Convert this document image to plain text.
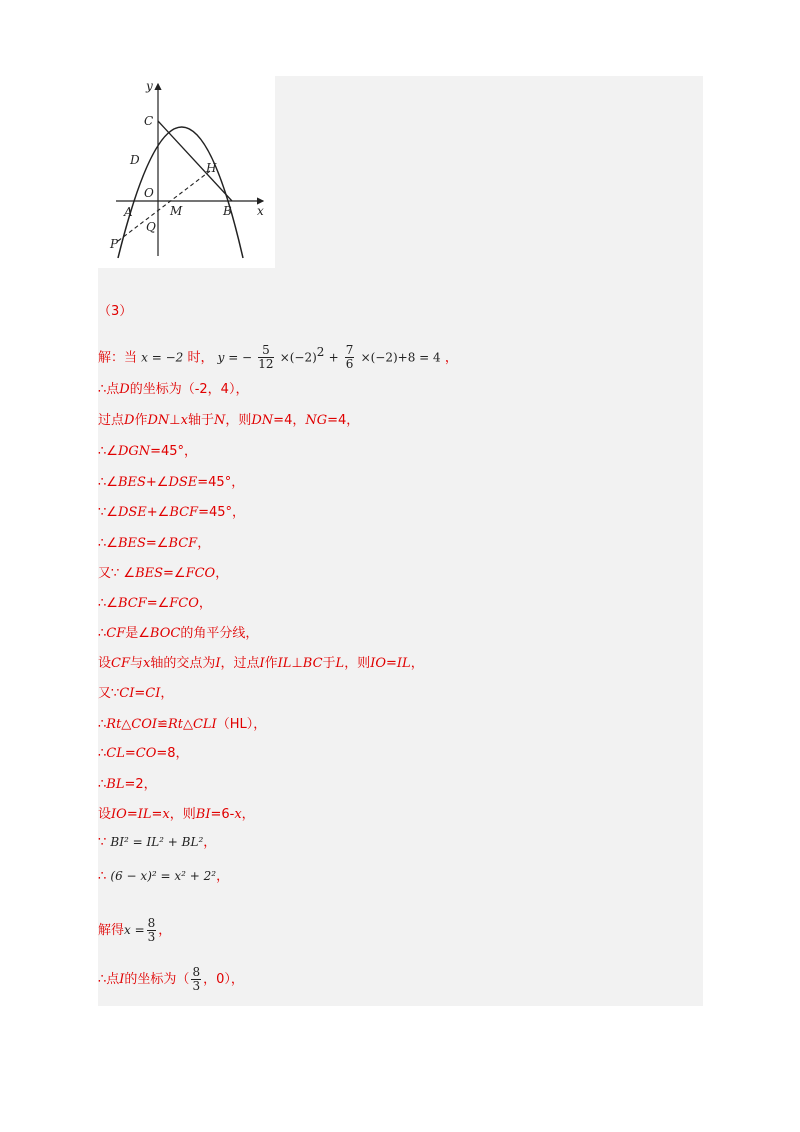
y
x
C
D
H
O
A	M	B
Q
P
（3）
解：当 x = −2 时， y = − $\frac{5}{12} \times(-2)^2 + \frac{7}{6} \times(-2)+8 = 4$ ，
∴点D的坐标为（-2，4），
过点D作DN⊥x轴于N，则DN=4，NG=4，
∴∠DGN=45°，
∴∠BES+∠DSE=45°，
∵∠DSE+∠BCF=45°，
∴∠BES=∠BCF，
又∵ ∠BES=∠FCO，
∴∠BCF=∠FCO，
∴CF是∠BOC的角平分线，
设CF与x轴的交点为I，过点I作IL⊥BC于L，则IO=IL，
又∵CI=CI，
∴Rt△COI≌Rt△CLI（HL），
∴CL=CO=8，
∴BL=2，
设IO=IL=x，则BI=6-x，
∵ BI² = IL² + BL²，
∴ (6 − x)² = x² + 2²，
解得$x = \frac{8}{3}$ ，
∴点I的坐标为（ $\frac{8}{3}$ ，0），
